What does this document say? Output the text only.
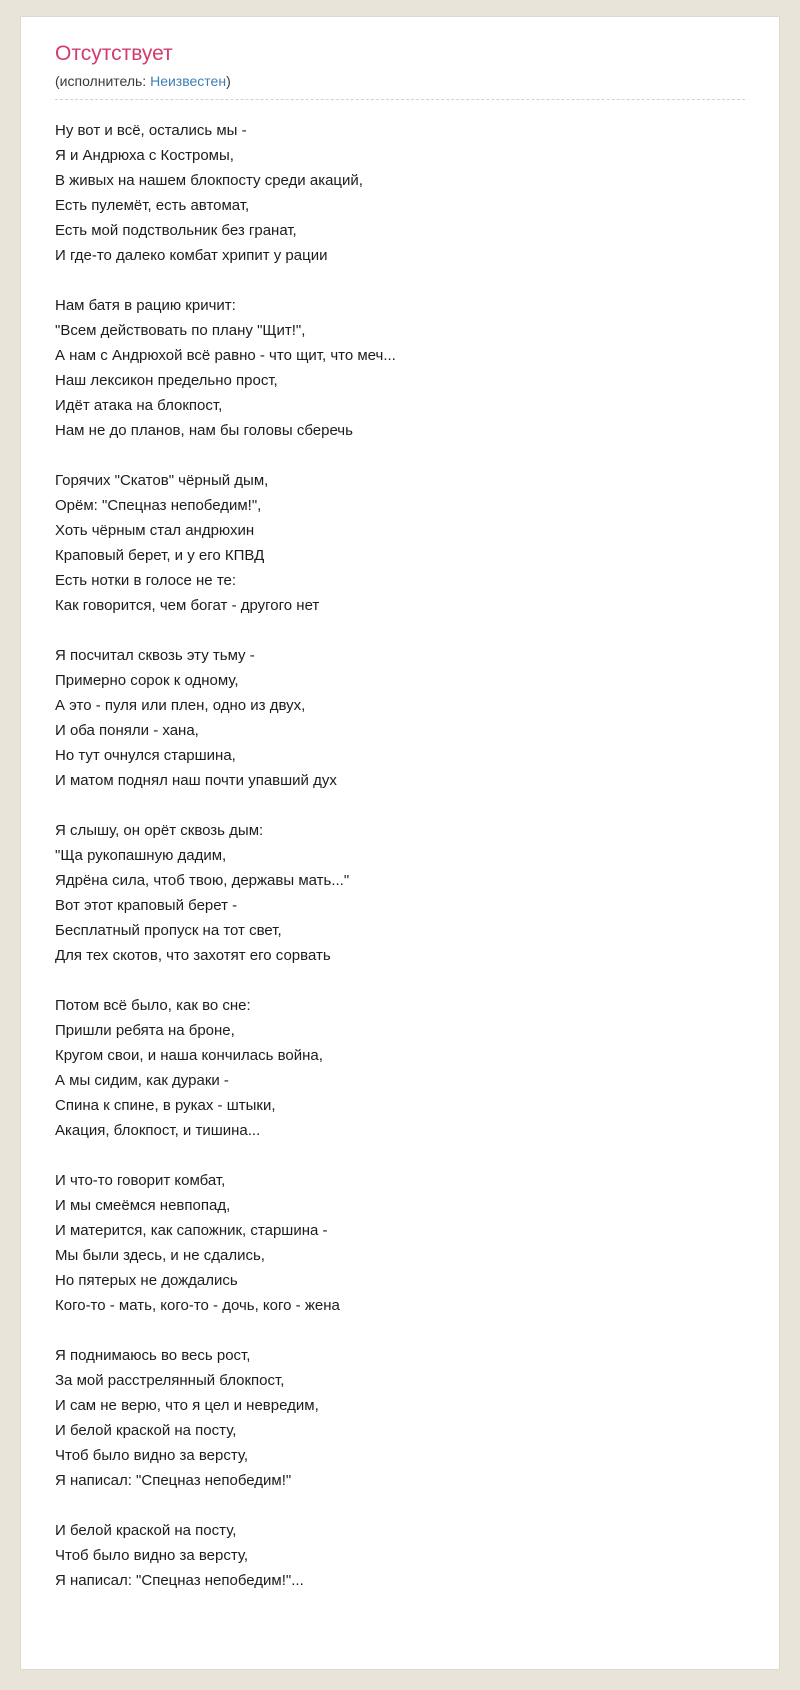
Отсутствует
(исполнитель: Неизвестен)
Ну вот и всё, остались мы -
Я и Андрюха с Костромы,
В живых на нашем блокпосту среди акаций,
Есть пулемёт, есть автомат,
Есть мой подствольник без гранат,
И где-то далеко комбат хрипит у рации
Нам батя в рацию кричит:
"Всем действовать по плану "Щит!",
А нам с Андрюхой всё равно - что щит, что меч...
Наш лексикон предельно прост,
Идёт атака на блокпост,
Нам не до планов, нам бы головы сберечь
Горячих "Скатов" чёрный дым,
Орём: "Спецназ непобедим!",
Хоть чёрным стал андрюхин
Краповый берет, и у его КПВД
Есть нотки в голосе не те:
Как говорится, чем богат - другого нет
Я посчитал сквозь эту тьму -
Примерно сорок к одному,
А это - пуля или плен, одно из двух,
И оба поняли - хана,
Но тут очнулся старшина,
И матом поднял наш почти упавший дух
Я слышу, он орёт сквозь дым:
"Ща рукопашную дадим,
Ядрёна сила, чтоб твою, державы мать..."
Вот этот краповый берет -
Бесплатный пропуск на тот свет,
Для тех скотов, что захотят его сорвать
Потом всё было, как во сне:
Пришли ребята на броне,
Кругом свои, и наша кончилась война,
А мы сидим, как дураки -
Спина к спине, в руках - штыки,
Акация, блокпост, и тишина...
И что-то говорит комбат,
И мы смеёмся невпопад,
И матерится, как сапожник, старшина -
Мы были здесь, и не сдались,
Но пятерых не дождались
Кого-то - мать, кого-то - дочь, кого - жена
Я поднимаюсь во весь рост,
За мой расстрелянный блокпост,
И сам не верю, что я цел и невредим,
И белой краской на посту,
Чтоб было видно за версту,
Я написал: "Спецназ непобедим!"
И белой краской на посту,
Чтоб было видно за версту,
Я написал: "Спецназ непобедим!"...
